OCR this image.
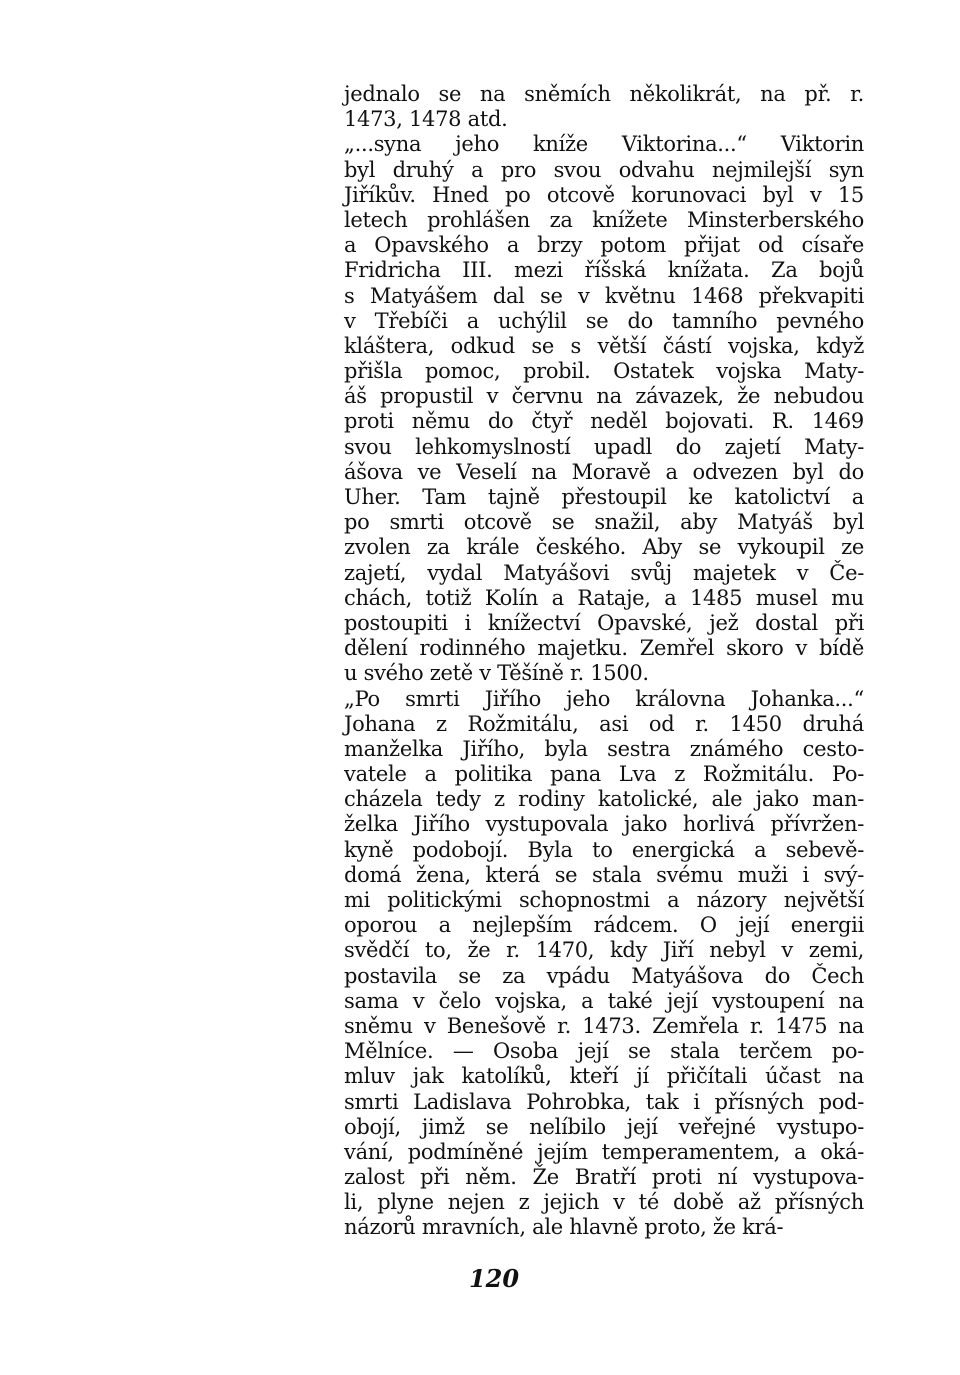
jednalo se na sněmích několikrát, na př. r.
1473, 1478 atd.
„...syna jeho kníže Viktorina...“ Viktorin
byl druhý a pro svou odvahu nejmilejší syn
Jiříkův. Hned po otcově korunovaci byl v 15
letech prohlášen za knížete Minsterberského
a Opavského a brzy potom přijat od císaře
Fridricha III. mezi říšská knížata. Za bojů
s Matyášem dal se v květnu 1468 překvapiti
v Třebíči a uchýlil se do tamního pevného
kláštera, odkud se s větší částí vojska, když
přišla pomoc, probil. Ostatek vojska Maty-
áš propustil v červnu na závazek, že nebudou
proti němu do čtyř neděl bojovati. R. 1469
svou lehkomyslností upadl do zajetí Maty-
ášova ve Veselí na Moravě a odvezen byl do
Uher. Tam tajně přestoupil ke katolictví a
po smrti otcově se snažil, aby Matyáš byl
zvolen za krále českého. Aby se vykoupil ze
zajetí, vydal Matyášovi svůj majetek v Če-
chách, totiž Kolín a Rataje, a 1485 musel mu
postoupiti i knížectví Opavské, jež dostal při
dělení rodinného majetku. Zemřel skoro v bídě
u svého zetě v Těšíně r. 1500.
„Po smrti Jiřího jeho královna Johanka...“
Johana z Rožmitálu, asi od r. 1450 druhá
manželka Jiřího, byla sestra známého cesto-
vatele a politika pana Lva z Rožmitálu. Po-
cházela tedy z rodiny katolické, ale jako man-
želka Jiřího vystupovala jako horlivá přívržen-
kyně podobojí. Byla to energická a sebevě-
domá žena, která se stala svému muži i svý-
mi politickými schopnostmi a názory největší
oporou a nejlepším rádcem. O její energii
svědčí to, že r. 1470, kdy Jiří nebyl v zemi,
postavila se za vpádu Matyášova do Čech
sama v čelo vojska, a také její vystoupení na
sněmu v Benešově r. 1473. Zemřela r. 1475 na
Mělníce. — Osoba její se stala terčem po-
mluv jak katolíků, kteří jí přičítali účast na
smrti Ladislava Pohrobka, tak i přísných pod-
obojí, jimž se nelíbilo její veřejné vystupo-
vání, podmíněné jejím temperamentem, a oká-
zalost při něm. Že Bratří proti ní vystupova-
li, plyne nejen z jejich v té době až přísných
názorů mravních, ale hlavně proto, že krá-
120
